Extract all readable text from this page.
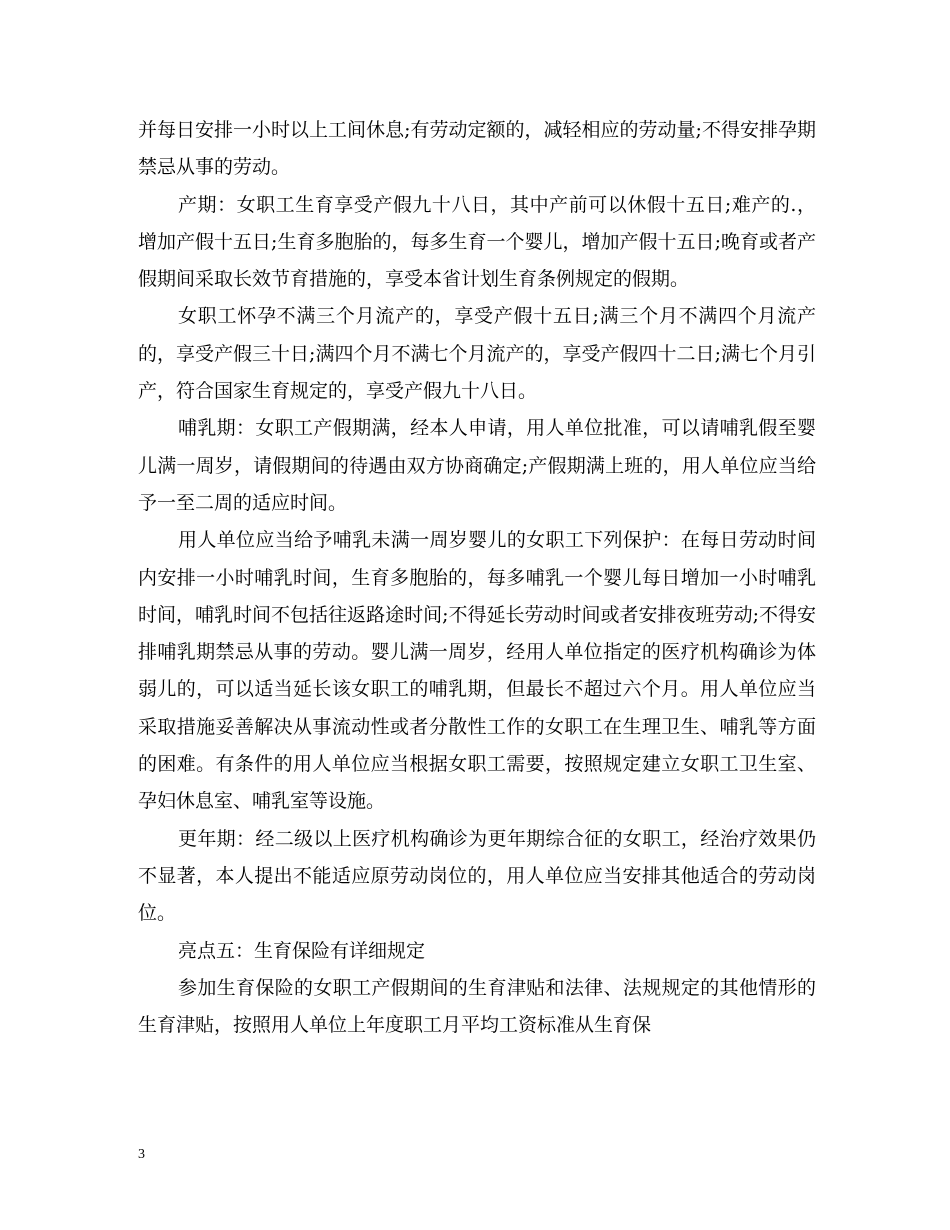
并每日安排一小时以上工间休息;有劳动定额的，减轻相应的劳动量;不得安排孕期禁忌从事的劳动。

产期：女职工生育享受产假九十八日，其中产前可以休假十五日;难产的.，增加产假十五日;生育多胞胎的，每多生育一个婴儿，增加产假十五日;晚育或者产假期间采取长效节育措施的，享受本省计划生育条例规定的假期。

女职工怀孕不满三个月流产的，享受产假十五日;满三个月不满四个月流产的，享受产假三十日;满四个月不满七个月流产的，享受产假四十二日;满七个月引产，符合国家生育规定的，享受产假九十八日。

哺乳期：女职工产假期满，经本人申请，用人单位批准，可以请哺乳假至婴儿满一周岁，请假期间的待遇由双方协商确定;产假期满上班的，用人单位应当给予一至二周的适应时间。

用人单位应当给予哺乳未满一周岁婴儿的女职工下列保护：在每日劳动时间内安排一小时哺乳时间，生育多胞胎的，每多哺乳一个婴儿每日增加一小时哺乳时间，哺乳时间不包括往返路途时间;不得延长劳动时间或者安排夜班劳动;不得安排哺乳期禁忌从事的劳动。婴儿满一周岁，经用人单位指定的医疗机构确诊为体弱儿的，可以适当延长该女职工的哺乳期，但最长不超过六个月。用人单位应当采取措施妥善解决从事流动性或者分散性工作的女职工在生理卫生、哺乳等方面的困难。有条件的用人单位应当根据女职工需要，按照规定建立女职工卫生室、孕妇休息室、哺乳室等设施。

更年期：经二级以上医疗机构确诊为更年期综合征的女职工，经治疗效果仍不显著，本人提出不能适应原劳动岗位的，用人单位应当安排其他适合的劳动岗位。

亮点五：生育保险有详细规定

参加生育保险的女职工产假期间的生育津贴和法律、法规规定的其他情形的生育津贴，按照用人单位上年度职工月平均工资标准从生育保

3
